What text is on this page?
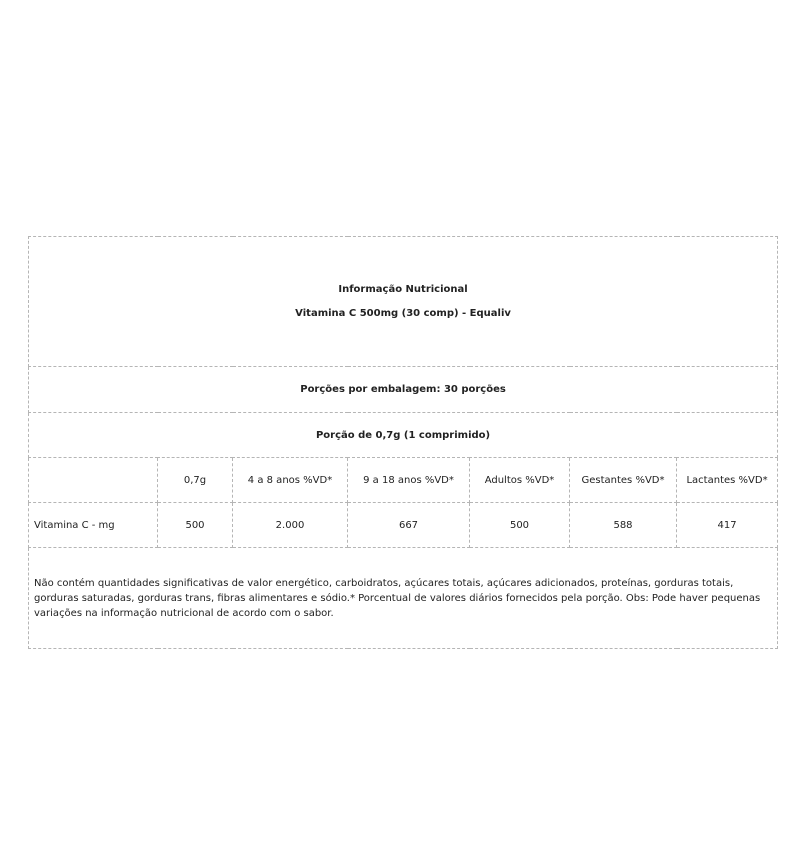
Informação Nutricional
Vitamina C 500mg (30 comp) - Equaliv						

Porções por embalagem: 30 porções						
Porção de 0,7g (1 comprimido)						
	0,7g	4 a 8 anos %VD*	9 a 18 anos %VD*	Adultos %VD*	Gestantes %VD*	Lactantes %VD*
Vitamina C - mg	500	2.000	667	500	588	417
Não contém quantidades significativas de valor energético, carboidratos, açúcares totais, açúcares adicionados, proteínas, gorduras totais, gorduras saturadas, gorduras trans, fibras alimentares e sódio.* Porcentual de valores diários fornecidos pela porção. Obs: Pode haver pequenas variações na informação nutricional de acordo com o sabor.						
